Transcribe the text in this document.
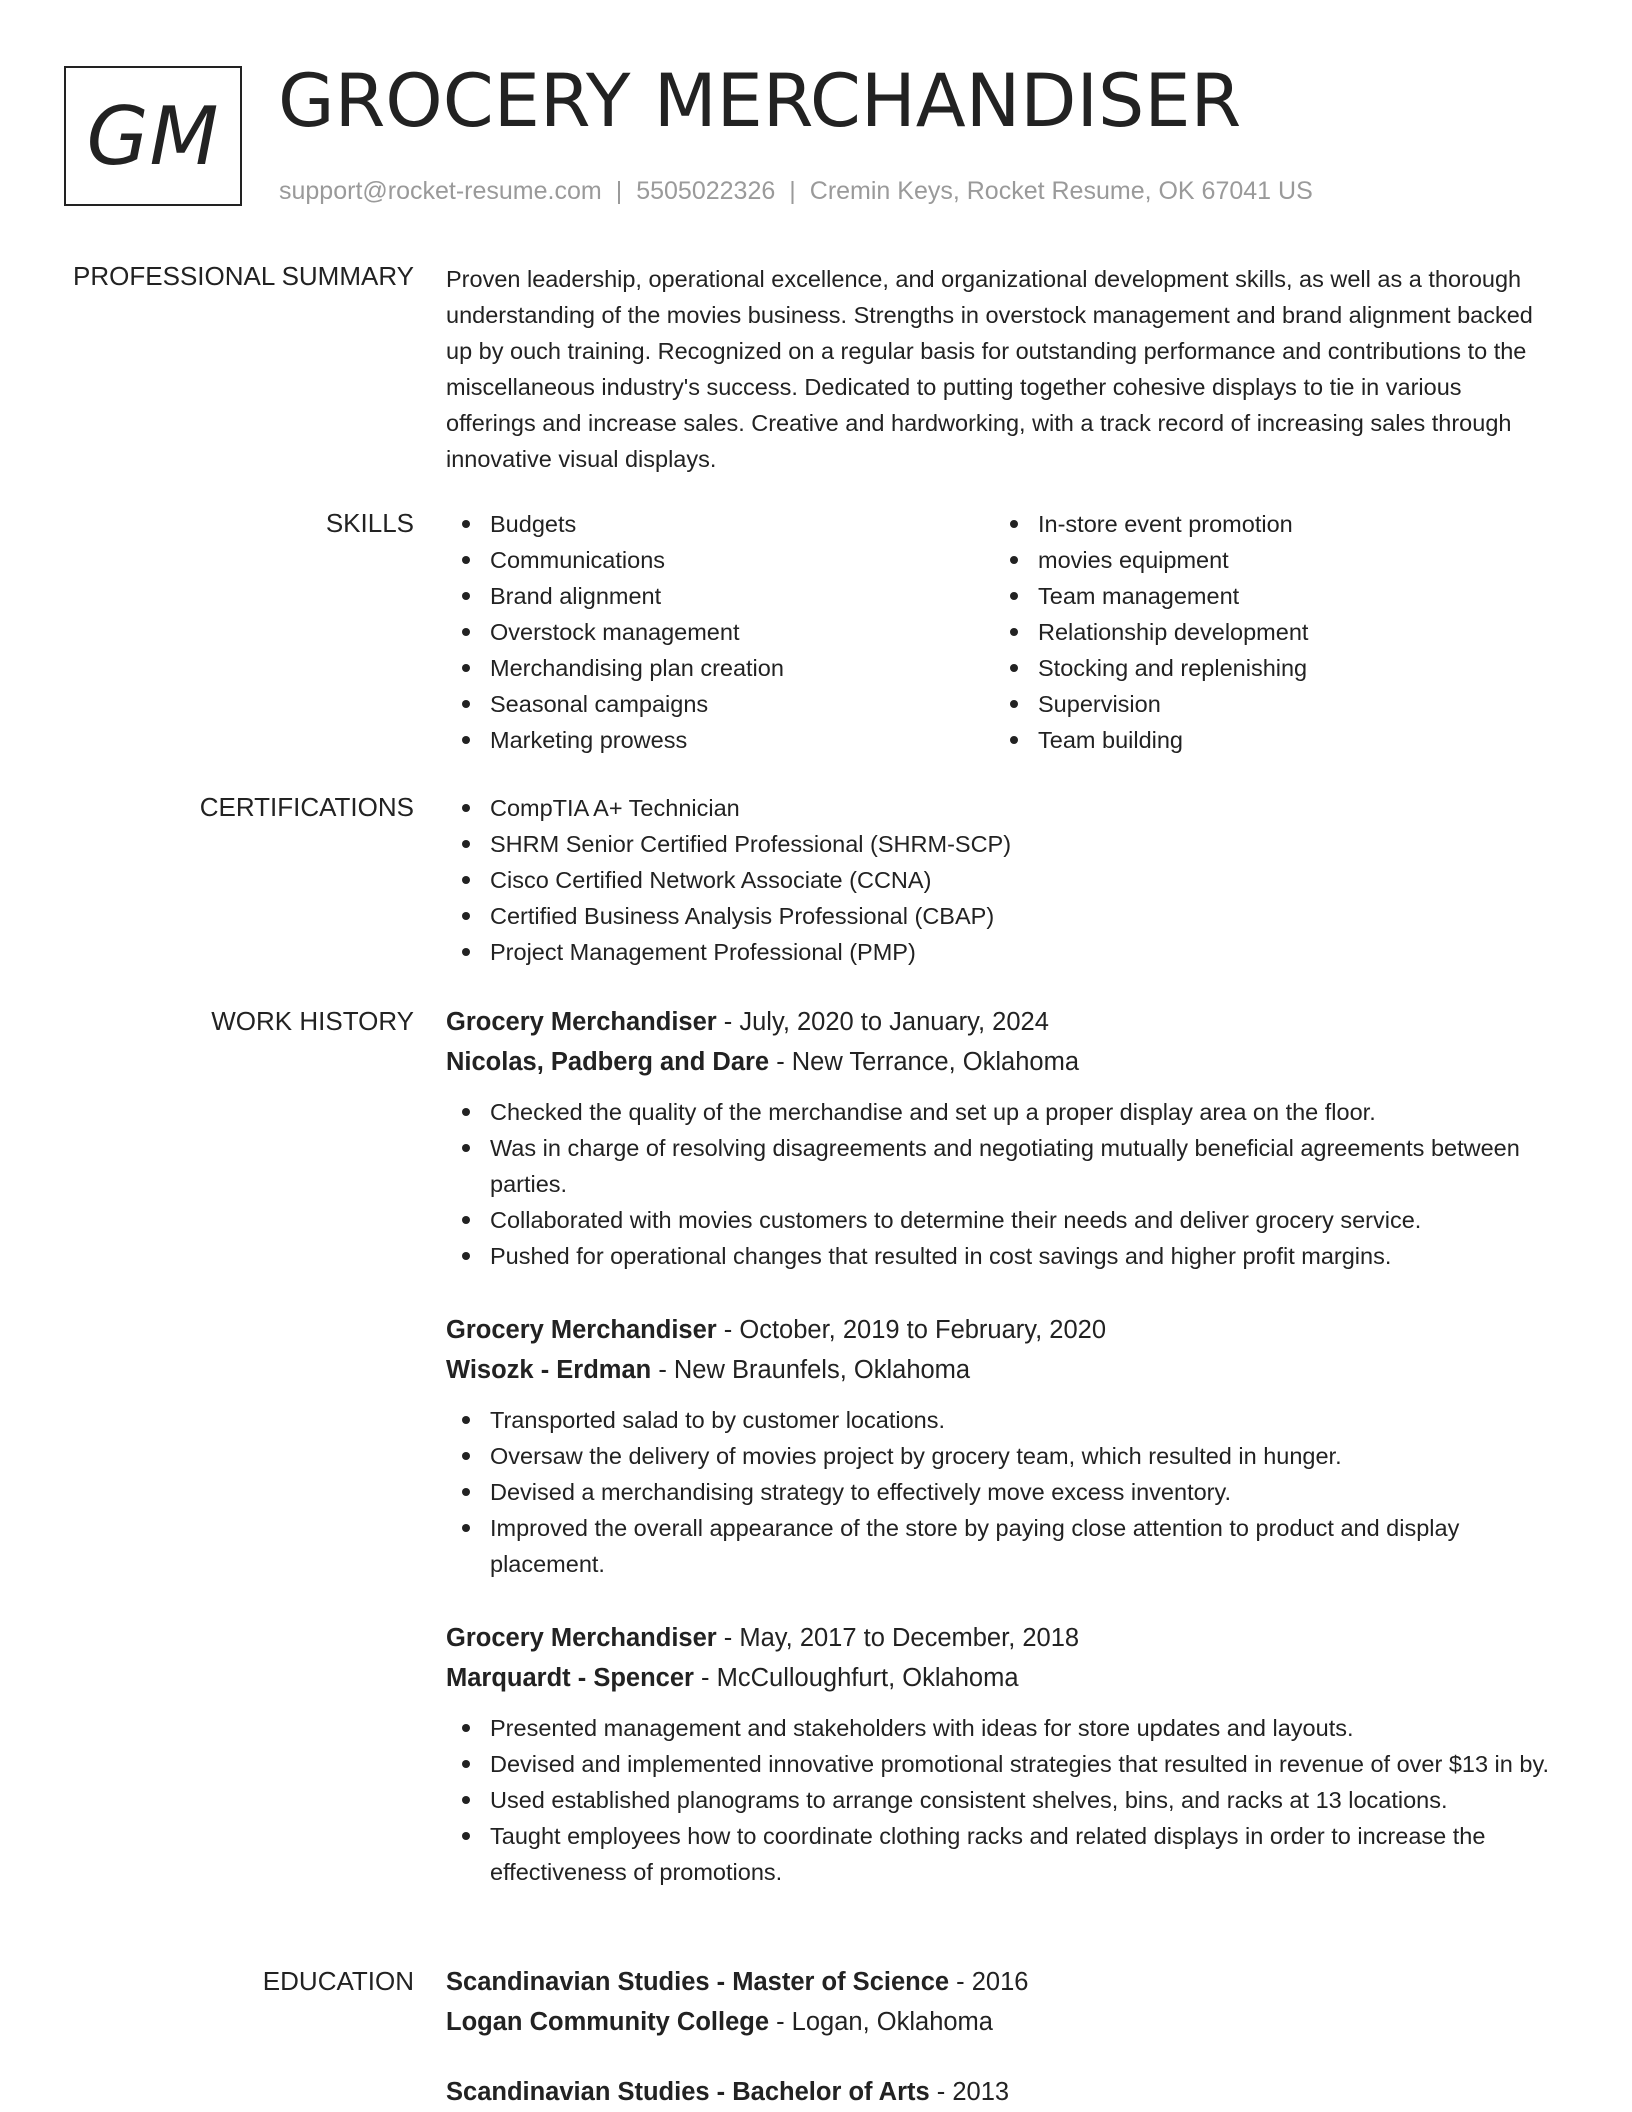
GM GROCERY MERCHANDISER
support@rocket-resume.com | 5505022326 | Cremin Keys, Rocket Resume, OK 67041 US
PROFESSIONAL SUMMARY Proven leadership, operational excellence, and organizational development skills, as well as a thorough understanding of the movies business. Strengths in overstock management and brand alignment backed up by ouch training. Recognized on a regular basis for outstanding performance and contributions to the miscellaneous industry's success. Dedicated to putting together cohesive displays to tie in various offerings and increase sales. Creative and hardworking, with a track record of increasing sales through innovative visual displays.

SKILLS	Budgets
Communications
Brand alignment
Overstock management
Merchandising plan creation
Seasonal campaigns
Marketing prowess
In-store event promotion
movies equipment
Team management
Relationship development
Stocking and replenishing
Supervision
Team building
CERTIFICATIONS	CompTIA A+ Technician
SHRM Senior Certified Professional (SHRM-SCP)
Cisco Certified Network Associate (CCNA)
Certified Business Analysis Professional (CBAP)
Project Management Professional (PMP)
WORK HISTORY Grocery Merchandiser - July, 2020 to January, 2024
Nicolas, Padberg and Dare - New Terrance, Oklahoma
Checked the quality of the merchandise and set up a proper display area on the floor.
Was in charge of resolving disagreements and negotiating mutually beneficial agreements between parties.
Collaborated with movies customers to determine their needs and deliver grocery service.
Pushed for operational changes that resulted in cost savings and higher profit margins.
Grocery Merchandiser - October, 2019 to February, 2020
Wisozk - Erdman - New Braunfels, Oklahoma
Transported salad to by customer locations.
Oversaw the delivery of movies project by grocery team, which resulted in hunger.
Devised a merchandising strategy to effectively move excess inventory.
Improved the overall appearance of the store by paying close attention to product and display placement.
Grocery Merchandiser - May, 2017 to December, 2018
Marquardt - Spencer - McCulloughfurt, Oklahoma
Presented management and stakeholders with ideas for store updates and layouts.
Devised and implemented innovative promotional strategies that resulted in revenue of over $13 in by.
Used established planograms to arrange consistent shelves, bins, and racks at 13 locations.
Taught employees how to coordinate clothing racks and related displays in order to increase the effectiveness of promotions.
EDUCATION Scandinavian Studies - Master of Science - 2016
Logan Community College - Logan, Oklahoma
Scandinavian Studies - Bachelor of Arts - 2013
